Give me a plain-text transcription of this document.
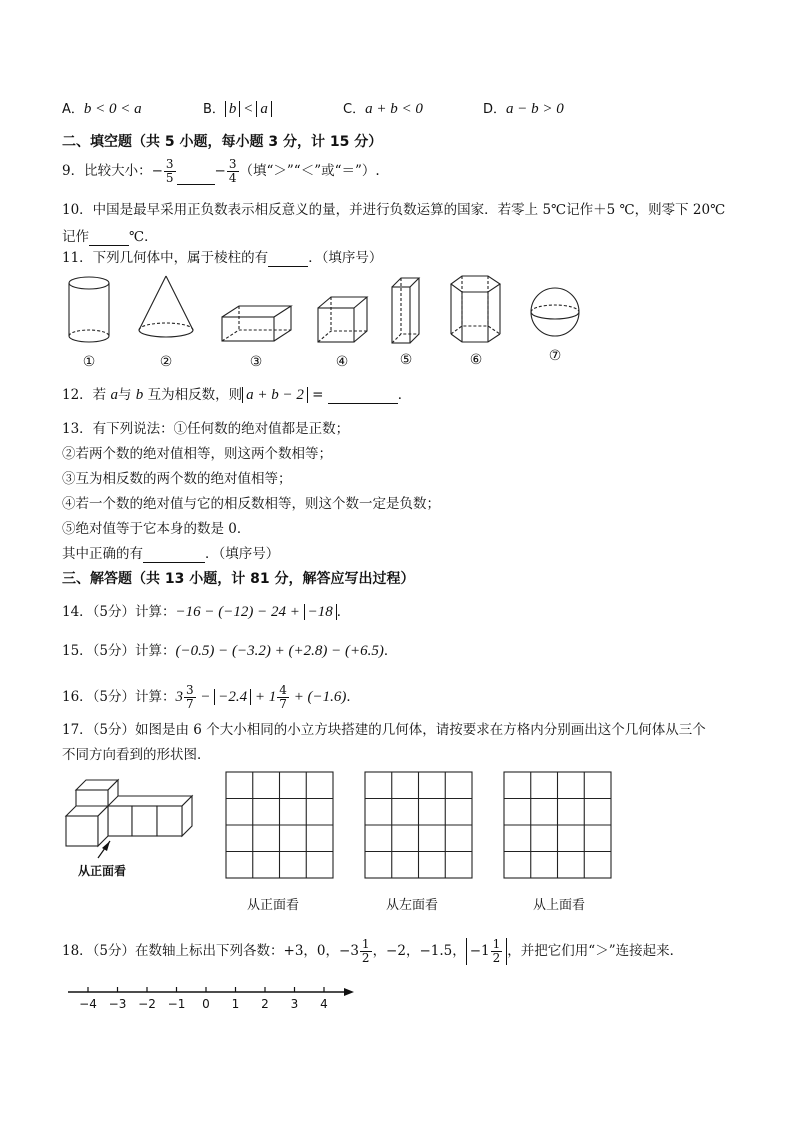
A．b < 0 < a	B． b < a	C．a + b < 0	D．a − b > 0
二、填空题（共 5 小题，每小题 3 分，计 15 分）
9．比较大小：− $\frac{3}{5}$	− $\frac{3}{4}$ （填“＞”“＜”或“＝”）.
10．中国是最早采用正负数表示相反意义的量，并进行负数运算的国家．若零上 5℃记作＋5 ℃，则零下 20℃
记作	℃．
11．下列几何体中，属于棱柱的有	．（填序号）
①	②	③	④	⑤	⑥	⑦
12．若 a与 b 互为相反数，则 a + b − 2 =	．
13．有下列说法：①任何数的绝对值都是正数；
②若两个数的绝对值相等，则这两个数相等；
③互为相反数的两个数的绝对值相等；
④若一个数的绝对值与它的相反数相等，则这个数一定是负数；
⑤绝对值等于它本身的数是 0．
其中正确的有	．（填序号）
三、解答题（共 13 小题，计 81 分，解答应写出过程）
14．（5分）计算：−16 − (−12) − 24 + −18 ．
15．（5分）计算：(−0.5) − (−3.2) + (+2.8) − (+6.5)．
16．（5分）计算：$3 \frac{3}{7} - -2.4 + 1 \frac{4}{7} + (-1.6)$．
17．（5分）如图是由 6 个大小相同的小立方块搭建的几何体，请按要求在方格内分别画出这个几何体从三个
不同方向看到的形状图．
从正面看
从正面看	从左面看	从上面看
18．（5分）在数轴上标出下列各数：+3，0，$-3 \frac{1}{2}$ ，−2，−1.5， $-1 \frac{1}{2}$ ，并把它们用“＞”连接起来．
−4 −3 −2 −1 0 1 2 3 4
